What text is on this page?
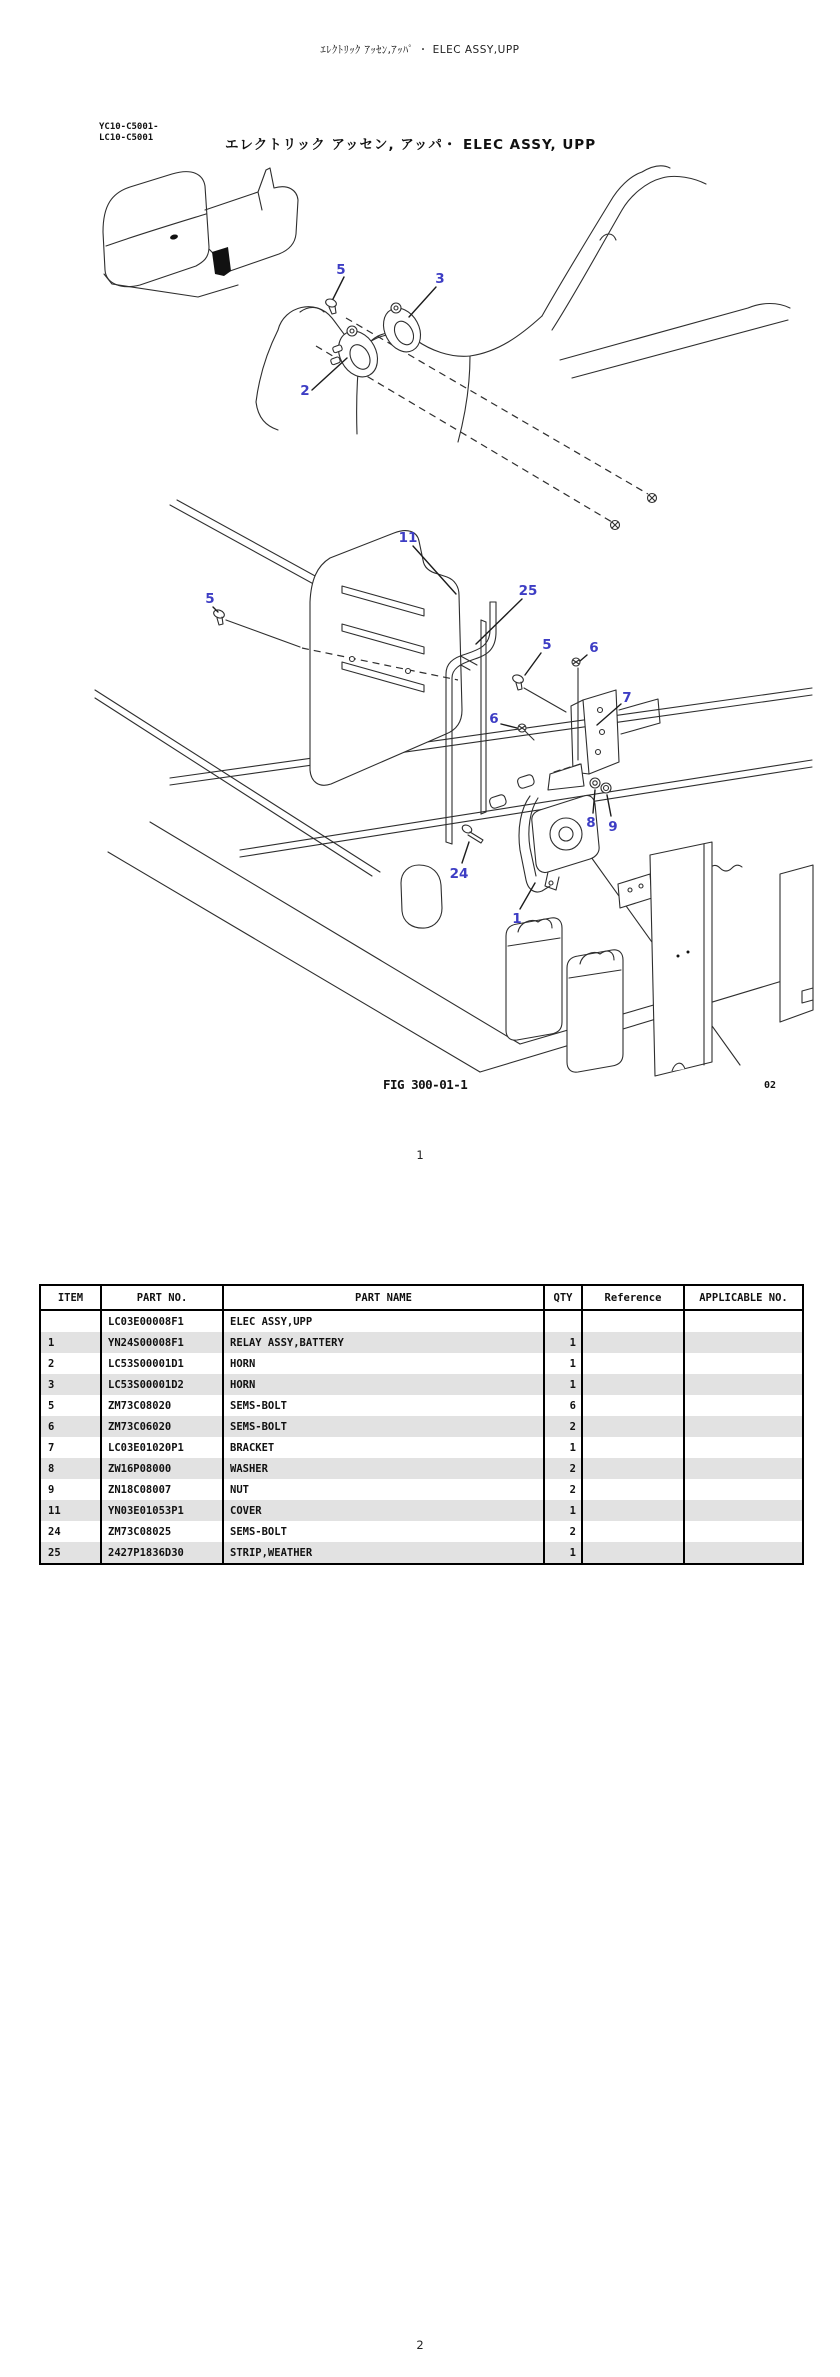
ｴﾚｸﾄﾘｯｸ ｱｯｾﾝ,ｱｯﾊﾟ ・ ELEC ASSY,UPP
YC10-C5001-
LC10-C5001	エレクトリック アッセン, アッパ・ ELEC ASSY, UPP
5
3
2
11
25
5
5	6
7
6
8 9
24
1
FIG 300-01-1	02
1
ITEM	PART NO.	PART NAME	QTY	Reference	APPLICABLE NO.
	LC03E00008F1	ELEC ASSY,UPP			
1	YN24S00008F1	RELAY ASSY,BATTERY	1		
2	LC53S00001D1	HORN	1		
3	LC53S00001D2	HORN	1		
5	ZM73C08020	SEMS-BOLT	6		
6	ZM73C06020	SEMS-BOLT	2		
7	LC03E01020P1	BRACKET	1		
8	ZW16P08000	WASHER	2		
9	ZN18C08007	NUT	2		
11	YN03E01053P1	COVER	1		
24	ZM73C08025	SEMS-BOLT	2		
25	2427P1836D30	STRIP,WEATHER	1		
2
